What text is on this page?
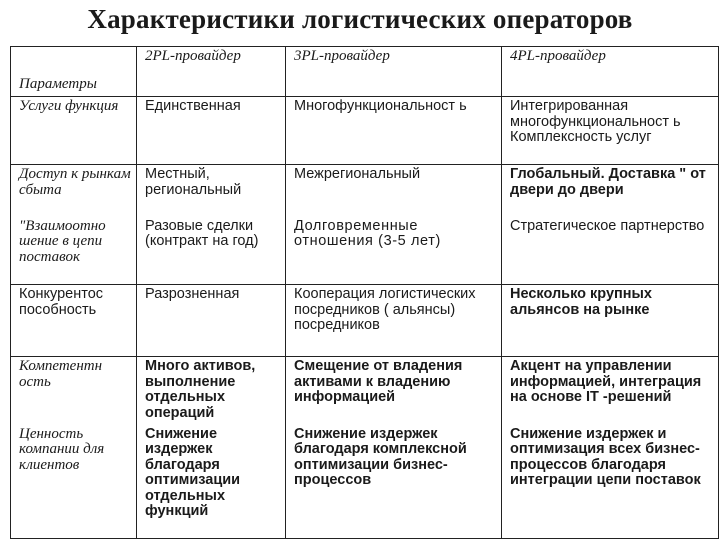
Характеристики логистических операторов
Параметры	2PL-провайдер	3PL-провайдер	4PL-провайдер
Услуги функция	Единственная	Многофункциональност ь	Интегрированная многофункциональност ь Комплексность услуг
Доступ к рынкам сбыта	Местный, региональный	Межрегиональный	Глобальный. Доставка " от двери до двери
"Взаимоотно шение в цепи поставок	Разовые сделки (контракт на год)	Долговременные отношения (3-5 лет)	Стратегическое партнерство
Конкурентос пособность	Разрозненная	Кооперация логистических посредников ( альянсы) посредников	Несколько крупных альянсов на рынке
Компетентн ость	Много активов, выполнение отдельных операций	Смещение от владения активами к владению информацией	Акцент на управлении информацией, интеграция на основе IT -решений
Ценность компании для клиентов	Снижение издержек благодаря оптимизации отдельных функций	Снижение издержек благодаря комплексной оптимизации бизнес-процессов	Снижение издержек и оптимизация всех бизнес-процессов благодаря интеграции цепи поставок
